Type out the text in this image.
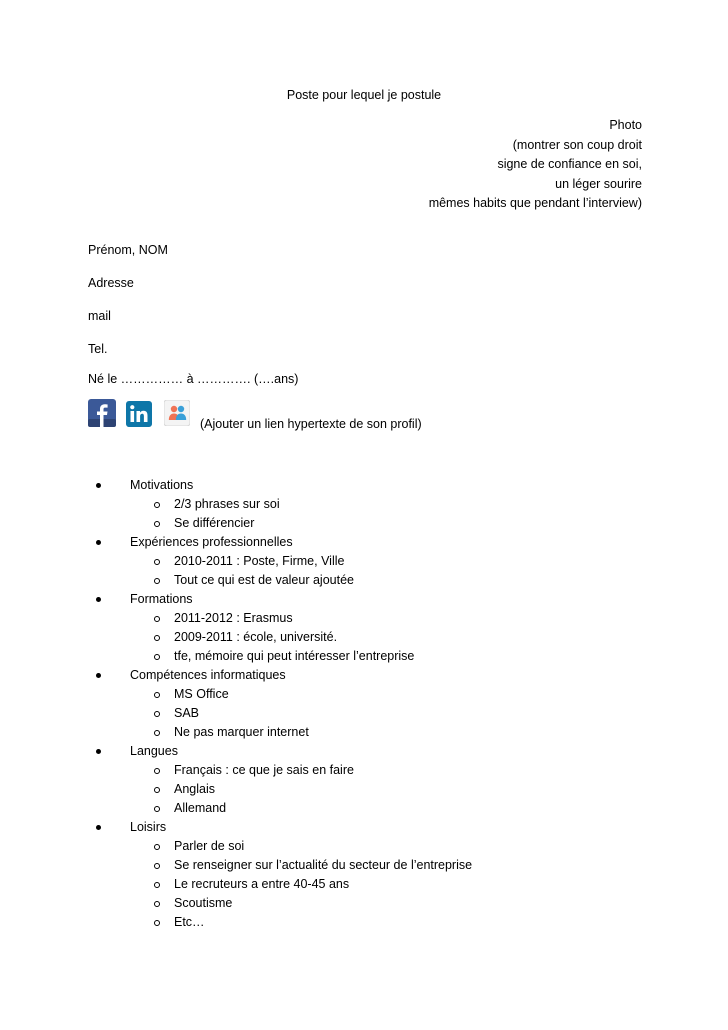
Poste pour lequel je postule
Photo
(montrer son coup droit
signe de confiance en soi,
un léger sourire
mêmes habits que pendant l’interview)
Prénom, NOM
Adresse
mail
Tel.
Né le …………… à …………. (….ans)
(Ajouter un lien hypertexte de son profil)
Motivations
2/3 phrases sur soi
Se différencier
Expériences professionnelles
2010-2011 : Poste, Firme, Ville
Tout ce qui est de valeur ajoutée
Formations
2011-2012 : Erasmus
2009-2011 : école, université.
tfe, mémoire qui peut intéresser l’entreprise
Compétences informatiques
MS Office
SAB
Ne pas marquer internet
Langues
Français : ce que je sais en faire
Anglais
Allemand
Loisirs
Parler de soi
Se renseigner sur l’actualité du secteur de l’entreprise
Le recruteurs a entre 40-45 ans
Scoutisme
Etc…
